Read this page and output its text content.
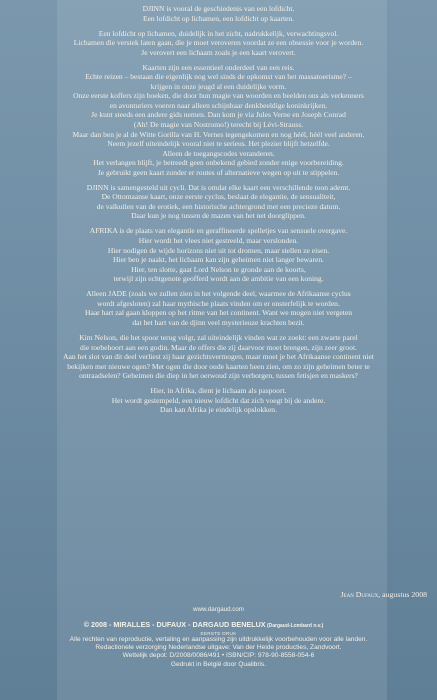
DJINN is vooral de geschiedenis van een lofdicht.
Een lofdicht op lichamen, een lofdicht op kaarten.

Een lofdicht op lichamen, duidelijk in het zicht, nadrukkelijk, verwachtingsvol.
Lichamen die verstek laten gaan, die je moet veroveren voordat ze een obsessie voor je worden.
Je verovert een lichaam zoals je een kaart verovert.

Kaarten zijn een essentieel onderdeel van een reis.
Echte reizen – bestaan die eigenlijk nog wel sinds de opkomst van het massatoerisme? –
krijgen in onze jeugd al een duidelijke vorm.
Onze eerste koffers zijn boeken, die door hun magie van woorden en beelden ons als verkenners
en avonturiers voeren naar alleen schijnbaar denkbeeldige koninkrijken.
Je kunt steeds een andere gids nemen. Dan kom je via Jules Verne en Joseph Conrad
(Ah! De magie van Nostromo!) terecht bij Lévi-Strauss.
Maar dan ben je al de Witte Gorilla van H. Vernes tegengekomen en nog héél, héél veel anderen.
Neem jezelf uiteindelijk vooral niet te serieus. Het plezier blijft hetzelfde.
Alleen de toegangscodes veranderen.
Het verlangen blijft, je betreedt geen onbekend gebied zonder enige voorbereiding.
Je gebruikt geen kaart zonder er routes of alternatieve wegen op uit te stippelen.

DJINN is samengesteld uit cycli. Dat is omdat elke kaart een verschillende toon ademt.
De Ottomaanse kaart, onze eerste cyclus, beslaat de elegantie, de sensualiteit,
de valkuilen van de erotiek, een historische achtergrond met een precieze datum.
Daar kun je nog tussen de mazen van het net doorglippen.

AFRIKA is de plaats van elegantie en geraffineerde spelletjes van sensuele overgave.
Hier wordt het vlees niet gestreeld, maar verslonden.
Hier nodigen de wijde horizons niet uit tot dromen, maar stellen ze eisen.
Hier ben je naakt, het lichaam kan zijn geheimen niet langer bewaren.
Hier, ten slotte, gaat Lord Nelson te gronde aan de koorts,
terwijl zijn echtgenote geofferd wordt aan de ambitie van een koning.

Alleen JADE (zoals we zullen zien in het volgende deel, waarmee de Afrikaanse cyclus
wordt afgesloten) zal haar mythische plaats vinden om er onsterfelijk te worden.
Haar hart zal gaan kloppen op het ritme van het continent. Want we mogen niet vergeten
dat het hart van de djinn veel mysterieuze krachten bezit.

Kim Nelson, die het spoor terug volgt, zal uiteindelijk vinden wat ze zoekt: een zwarte parel
die toebehoort aan een godin. Maar de offers die zij daarvoor moet brengen, zijn zeer groot.
Aan het slot van dit deel verliest zij haar gezichtsvermogen, maar moet je het Afrikaanse continent niet
bekijken met nieuwe ogen? Met ogen die door oude kaarten heen zien, om zo zijn geheimen beter te
ontraadselen? Geheimen die diep in het oerwoud zijn verborgen, tussen fetisjen en maskers?

Hier, in Afrika, dient je lichaam als paspoort.
Het wordt gestempeld, een nieuw lofdicht dat zich voegt bij de andere.
Dan kan Afrika je eindelijk opslokken.

Jean Dufaux, augustus 2008
www.dargaud.com
© 2008 - MIRALLES - DUFAUX - DARGAUD BENELUX (Dargaud-Lombard n.v.)
EERSTE DRUK
Alle rechten van reproductie, vertaling en aanpassing zijn uitdrukkelijk voorbehouden voor alle landen.
Redactionele verzorging Nederlandse uitgave: Van der Heide producties, Zandvoort.
Wettelijk depot: D/2008/0086/491 • ISBN/CIP: 978-90-8558-054-6
Gedrukt in België door Qualibris.
